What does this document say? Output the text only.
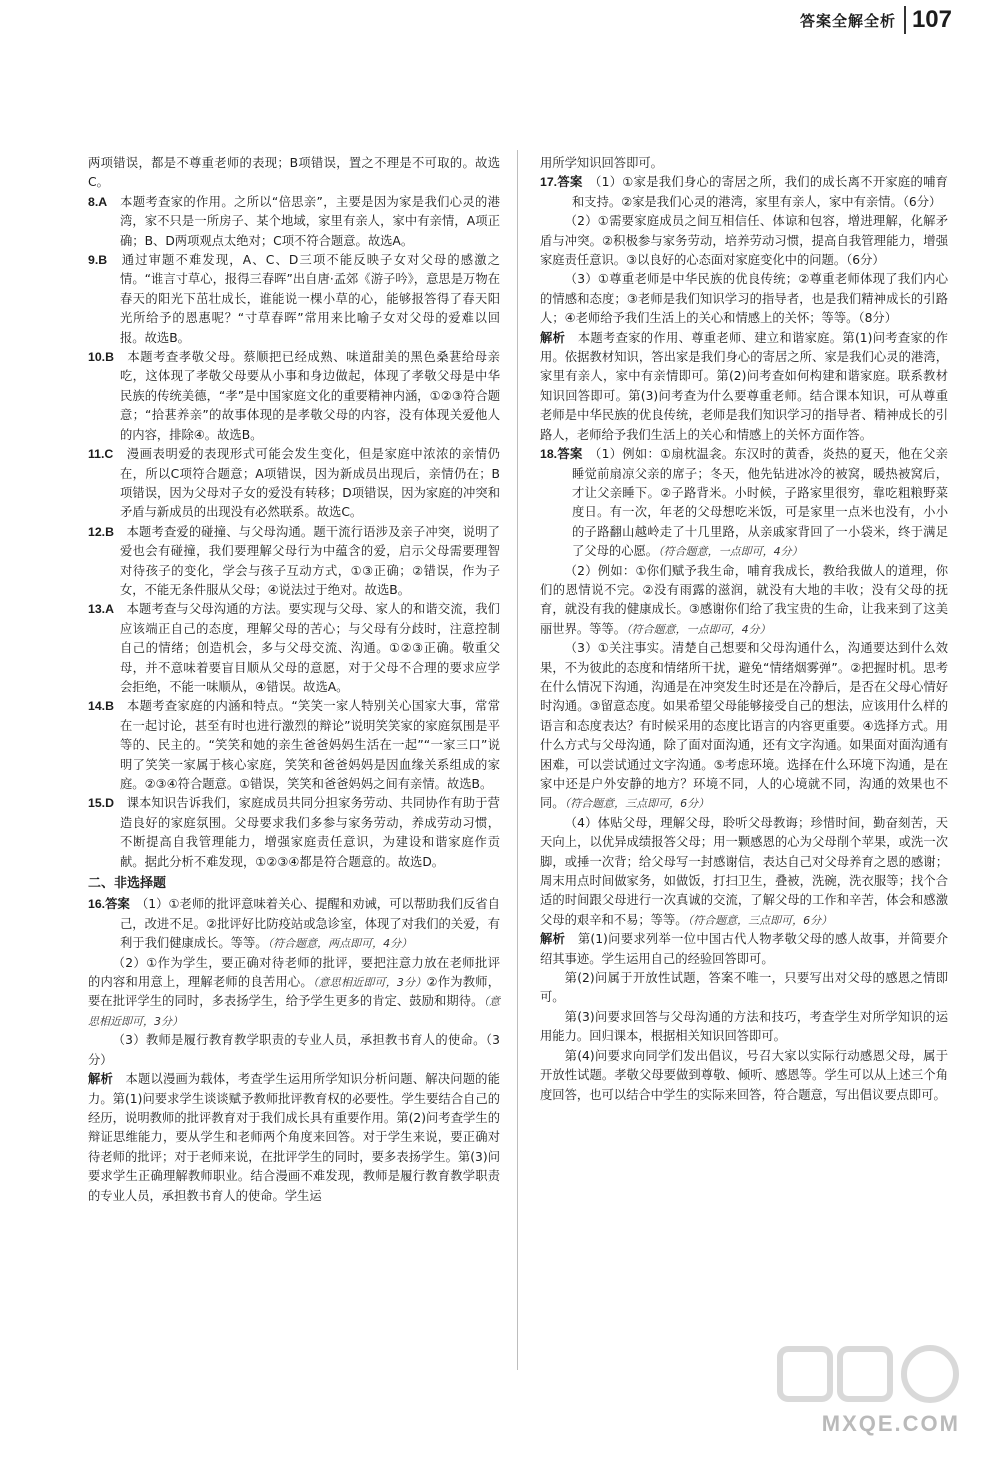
答案全解全析 107

两项错误，都是不尊重老师的表现；B项错误，置之不理是不可取的。故选C。

8.A　 本题考查家的作用。之所以“倍思亲”，主要是因为家是我们心灵的港湾，家不只是一所房子、某个地域，家里有亲人，家中有亲情，A项正确；B、D两项观点太绝对；C项不符合题意。故选A。

9.B　 通过审题不难发现，A、C、D三项不能反映子女对父母的感激之情。“谁言寸草心，报得三春晖”出自唐·孟郊《游子吟》，意思是万物在春天的阳光下茁壮成长，谁能说一棵小草的心，能够报答得了春天阳光所给予的恩惠呢？“寸草春晖”常用来比喻子女对父母的爱难以回报。故选B。

10.B　 本题考查孝敬父母。蔡顺把已经成熟、味道甜美的黑色桑葚给母亲吃，这体现了孝敬父母要从小事和身边做起，体现了孝敬父母是中华民族的传统美德，“孝”是中国家庭文化的重要精神内涵，①②③符合题意；“拾葚养亲”的故事体现的是孝敬父母的内容，没有体现关爱他人的内容，排除④。故选B。

11.C　 漫画表明爱的表现形式可能会发生变化，但是家庭中浓浓的亲情仍在，所以C项符合题意；A项错误，因为新成员出现后，亲情仍在；B项错误，因为父母对子女的爱没有转移；D项错误，因为家庭的冲突和矛盾与新成员的出现没有必然联系。故选C。

12.B　 本题考查爱的碰撞、与父母沟通。题干流行语涉及亲子冲突，说明了爱也会有碰撞，我们要理解父母行为中蕴含的爱，启示父母需要理智对待孩子的变化，学会与孩子互动方式，①③正确；②错误，作为子女，不能无条件服从父母；④说法过于绝对。故选B。

13.A　 本题考查与父母沟通的方法。要实现与父母、家人的和谐交流，我们应该端正自己的态度，理解父母的苦心；与父母有分歧时，注意控制自己的情绪；创造机会，多与父母交流、沟通。①②③正确。敬重父母，并不意味着要盲目顺从父母的意愿，对于父母不合理的要求应学会拒绝，不能一味顺从，④错误。故选A。

14.B　 本题考查家庭的内涵和特点。“笑笑一家人特别关心国家大事，常常在一起讨论，甚至有时也进行激烈的辩论”说明笑笑家的家庭氛围是平等的、民主的。“笑笑和她的亲生爸爸妈妈生活在一起”“一家三口”说明了笑笑一家属于核心家庭，笑笑和爸爸妈妈是因血缘关系组成的家庭。②③④符合题意。①错误，笑笑和爸爸妈妈之间有亲情。故选B。

15.D　 课本知识告诉我们，家庭成员共同分担家务劳动、共同协作有助于营造良好的家庭氛围。父母要求我们多参与家务劳动，养成劳动习惯，不断提高自我管理能力，增强家庭责任意识，为建设和谐家庭作贡献。据此分析不难发现，①②③④都是符合题意的。故选D。

二、非选择题

16.答案　 （1）①老师的批评意味着关心、提醒和劝诫，可以帮助我们反省自己，改进不足。②批评好比防疫站或急诊室，体现了对我们的关爱，有利于我们健康成长。等等。（符合题意，两点即可，4分）

（2）①作为学生，要正确对待老师的批评，要把注意力放在老师批评的内容和用意上，理解老师的良苦用心。（意思相近即可，3分）②作为教师，要在批评学生的同时，多表扬学生，给予学生更多的肯定、鼓励和期待。（意思相近即可，3分）

（3）教师是履行教育教学职责的专业人员，承担教书育人的使命。（3分）

解析　 本题以漫画为载体，考查学生运用所学知识分析问题、解决问题的能力。第(1)问要求学生谈谈赋予教师批评教育权的必要性。学生要结合自己的经历，说明教师的批评教育对于我们成长具有重要作用。第(2)问考查学生的辩证思维能力，要从学生和老师两个角度来回答。对于学生来说，要正确对待老师的批评；对于老师来说，在批评学生的同时，要多表扬学生。第(3)问要求学生正确理解教师职业。结合漫画不难发现，教师是履行教育教学职责的专业人员，承担教书育人的使命。学生运

用所学知识回答即可。

17.答案　 （1）①家是我们身心的寄居之所，我们的成长离不开家庭的哺育和支持。②家是我们心灵的港湾，家里有亲人，家中有亲情。（6分）

（2）①需要家庭成员之间互相信任、体谅和包容，增进理解，化解矛盾与冲突。②积极参与家务劳动，培养劳动习惯，提高自我管理能力，增强家庭责任意识。③以良好的心态面对家庭变化中的问题。（6分）

（3）①尊重老师是中华民族的优良传统；②尊重老师体现了我们内心的情感和态度；③老师是我们知识学习的指导者，也是我们精神成长的引路人；④老师给予我们生活上的关心和情感上的关怀；等等。（8分）

解析　 本题考查家的作用、尊重老师、建立和谐家庭。第(1)问考查家的作用。依据教材知识，答出家是我们身心的寄居之所、家是我们心灵的港湾，家里有亲人，家中有亲情即可。第(2)问考查如何构建和谐家庭。联系教材知识回答即可。第(3)问考查为什么要尊重老师。结合课本知识，可从尊重老师是中华民族的优良传统，老师是我们知识学习的指导者、精神成长的引路人，老师给予我们生活上的关心和情感上的关怀方面作答。

18.答案　 （1）例如：①扇枕温衾。东汉时的黄香，炎热的夏天，他在父亲睡觉前扇凉父亲的席子；冬天，他先钻进冰冷的被窝，暖热被窝后，才让父亲睡下。②子路背米。小时候，子路家里很穷，靠吃粗粮野菜度日。有一次，年老的父母想吃米饭，可是家里一点米也没有，小小的子路翻山越岭走了十几里路，从亲戚家背回了一小袋米，终于满足了父母的心愿。（符合题意，一点即可，4分）

（2）例如：①你们赋予我生命，哺育我成长，教给我做人的道理，你们的恩情说不完。②没有雨露的滋润，就没有大地的丰收；没有父母的抚育，就没有我的健康成长。③感谢你们给了我宝贵的生命，让我来到了这美丽世界。等等。（符合题意，一点即可，4分）

（3）①关注事实。清楚自己想要和父母沟通什么，沟通要达到什么效果，不为彼此的态度和情绪所干扰，避免“情绪烟雾弹”。②把握时机。思考在什么情况下沟通，沟通是在冲突发生时还是在冷静后，是否在父母心情好时沟通。③留意态度。如果希望父母能够接受自己的想法，应该用什么样的语言和态度表达？有时候采用的态度比语言的内容更重要。④选择方式。用什么方式与父母沟通，除了面对面沟通，还有文字沟通。如果面对面沟通有困难，可以尝试通过文字沟通。⑤考虑环境。选择在什么环境下沟通，是在家中还是户外安静的地方？环境不同，人的心境就不同，沟通的效果也不同。（符合题意，三点即可，6分）

（4）体贴父母，理解父母，聆听父母教诲；珍惜时间，勤奋刻苦，天天向上，以优异成绩报答父母；用一颗感恩的心为父母削个苹果，或洗一次脚，或捶一次背；给父母写一封感谢信，表达自己对父母养育之恩的感谢；周末用点时间做家务，如做饭，打扫卫生，叠被，洗碗，洗衣服等；找个合适的时间跟父母进行一次真诚的交流，了解父母的工作和辛苦，体会和感激父母的艰辛和不易；等等。（符合题意，三点即可，6分）

解析　 第(1)问要求列举一位中国古代人物孝敬父母的感人故事，并简要介绍其事迹。学生运用自己的经验回答即可。

第(2)问属于开放性试题，答案不唯一，只要写出对父母的感恩之情即可。

第(3)问要求回答与父母沟通的方法和技巧，考查学生对所学知识的运用能力。回归课本，根据相关知识回答即可。

第(4)问要求向同学们发出倡议，号召大家以实际行动感恩父母，属于开放性试题。孝敬父母要做到尊敬、倾听、感恩等。学生可以从上述三个角度回答，也可以结合中学生的实际来回答，符合题意，写出倡议要点即可。

MXQE.COM
